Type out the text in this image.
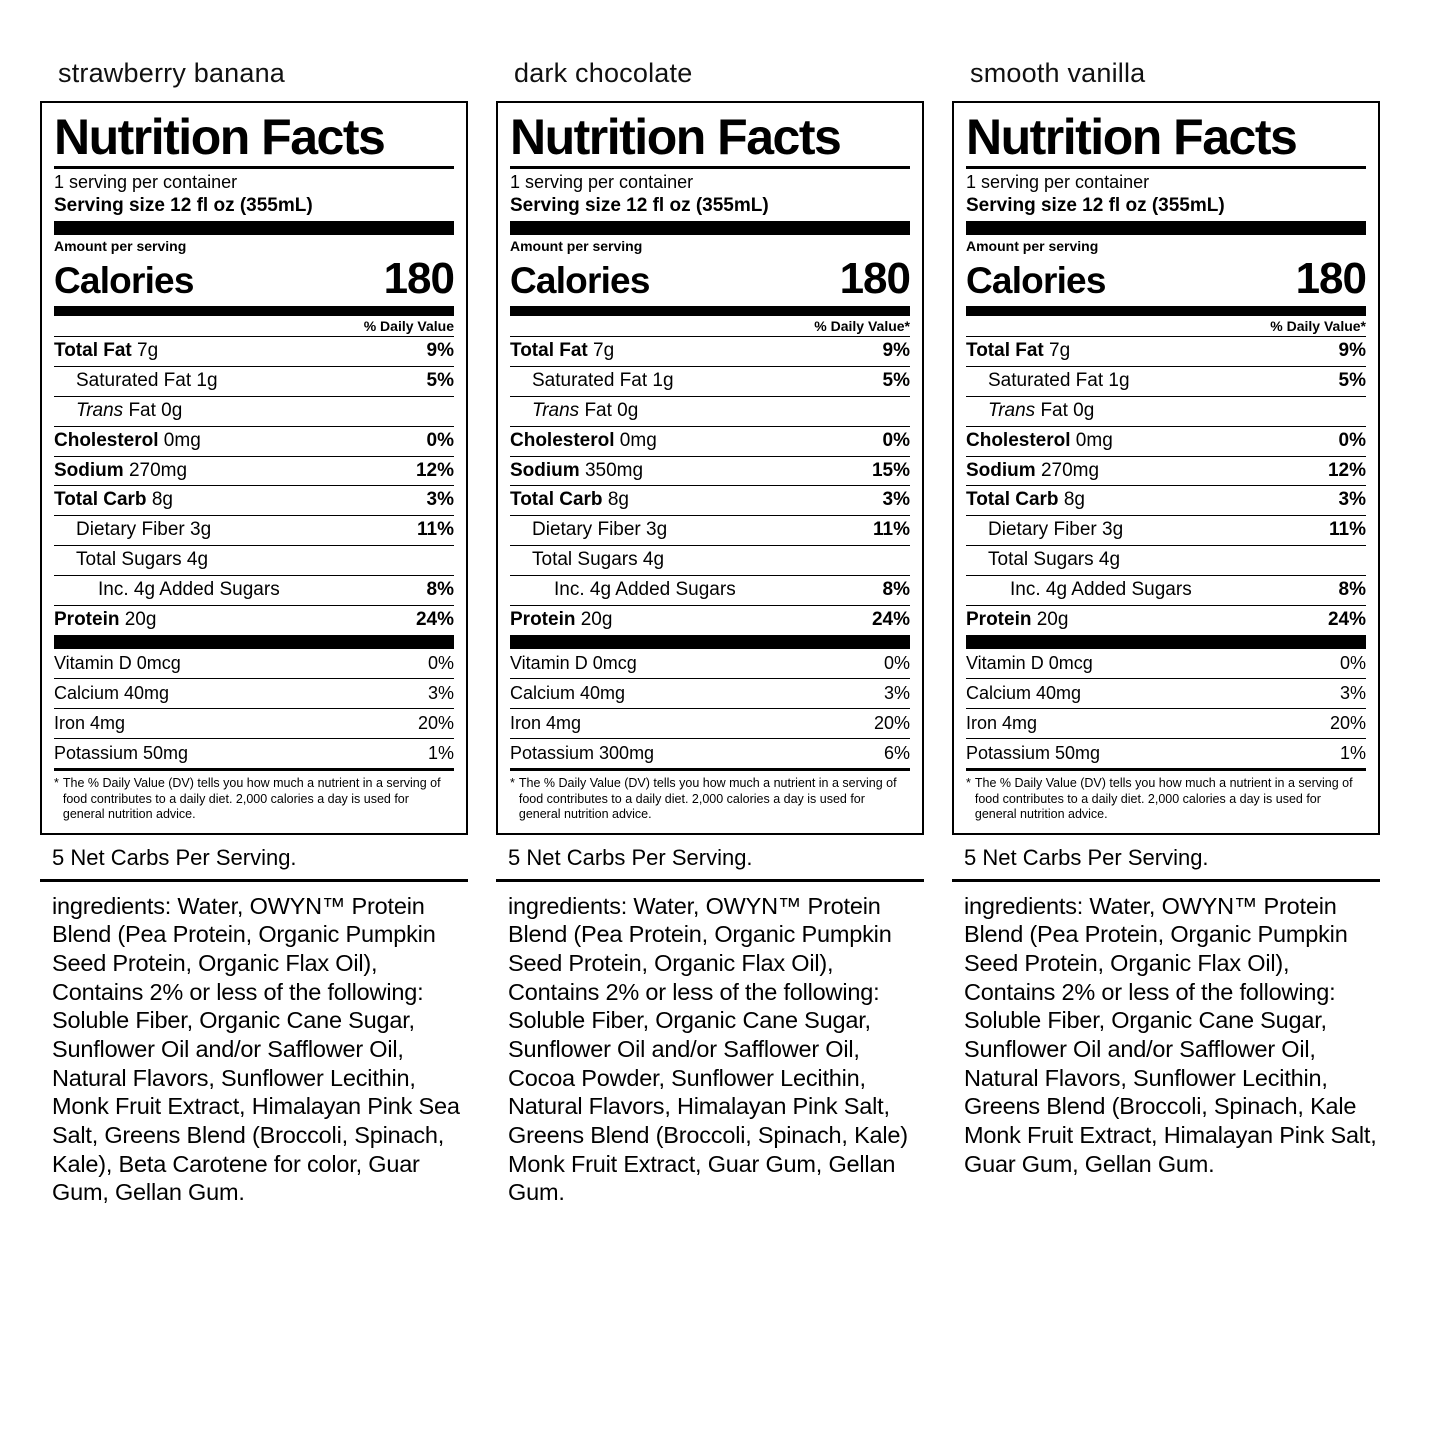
strawberry banana
Nutrition Facts
1 serving per container
Serving size 12 fl oz (355mL)
Amount per serving
Calories	180
% Daily Value
Total Fat 7g	9%
Saturated Fat 1g	5%
Trans Fat 0g
Cholesterol 0mg	0%
Sodium 270mg	12%
Total Carb 8g	3%
Dietary Fiber 3g	11%
Total Sugars 4g
Inc. 4g Added Sugars	8%
Protein 20g	24%
Vitamin D 0mcg	0%
Calcium 40mg	3%
Iron 4mg	20%
Potassium 50mg	1%
* The % Daily Value (DV) tells you how much a nutrient in a serving of food contributes to a daily diet. 2,000 calories a day is used for general nutrition advice.
5 Net Carbs Per Serving.
ingredients: Water, OWYN™ Protein Blend (Pea Protein, Organic Pumpkin Seed Protein, Organic Flax Oil), Contains 2% or less of the following: Soluble Fiber, Organic Cane Sugar, Sunflower Oil and/or Safflower Oil, Natural Flavors, Sunflower Lecithin, Monk Fruit Extract, Himalayan Pink Sea Salt, Greens Blend (Broccoli, Spinach, Kale), Beta Carotene for color, Guar Gum, Gellan Gum.
dark chocolate
Nutrition Facts
1 serving per container
Serving size 12 fl oz (355mL)
Amount per serving
Calories	180
% Daily Value*
Total Fat 7g	9%
Saturated Fat 1g	5%
Trans Fat 0g
Cholesterol 0mg	0%
Sodium 350mg	15%
Total Carb 8g	3%
Dietary Fiber 3g	11%
Total Sugars 4g
Inc. 4g Added Sugars	8%
Protein 20g	24%
Vitamin D 0mcg	0%
Calcium 40mg	3%
Iron 4mg	20%
Potassium 300mg	6%
* The % Daily Value (DV) tells you how much a nutrient in a serving of food contributes to a daily diet. 2,000 calories a day is used for general nutrition advice.
5 Net Carbs Per Serving.
ingredients: Water, OWYN™ Protein Blend (Pea Protein, Organic Pumpkin Seed Protein, Organic Flax Oil), Contains 2% or less of the following: Soluble Fiber, Organic Cane Sugar, Sunflower Oil and/or Safflower Oil, Cocoa Powder, Sunflower Lecithin, Natural Flavors, Himalayan Pink Salt, Greens Blend (Broccoli, Spinach, Kale) Monk Fruit Extract, Guar Gum, Gellan Gum.
smooth vanilla
Nutrition Facts
1 serving per container
Serving size 12 fl oz (355mL)
Amount per serving
Calories	180
% Daily Value*
Total Fat 7g	9%
Saturated Fat 1g	5%
Trans Fat 0g
Cholesterol 0mg	0%
Sodium 270mg	12%
Total Carb 8g	3%
Dietary Fiber 3g	11%
Total Sugars 4g
Inc. 4g Added Sugars	8%
Protein 20g	24%
Vitamin D 0mcg	0%
Calcium 40mg	3%
Iron 4mg	20%
Potassium 50mg	1%
* The % Daily Value (DV) tells you how much a nutrient in a serving of food contributes to a daily diet. 2,000 calories a day is used for general nutrition advice.
5 Net Carbs Per Serving.
ingredients: Water, OWYN™ Protein Blend (Pea Protein, Organic Pumpkin Seed Protein, Organic Flax Oil), Contains 2% or less of the following: Soluble Fiber, Organic Cane Sugar, Sunflower Oil and/or Safflower Oil, Natural Flavors, Sunflower Lecithin, Greens Blend (Broccoli, Spinach, Kale Monk Fruit Extract, Himalayan Pink Salt, Guar Gum, Gellan Gum.
